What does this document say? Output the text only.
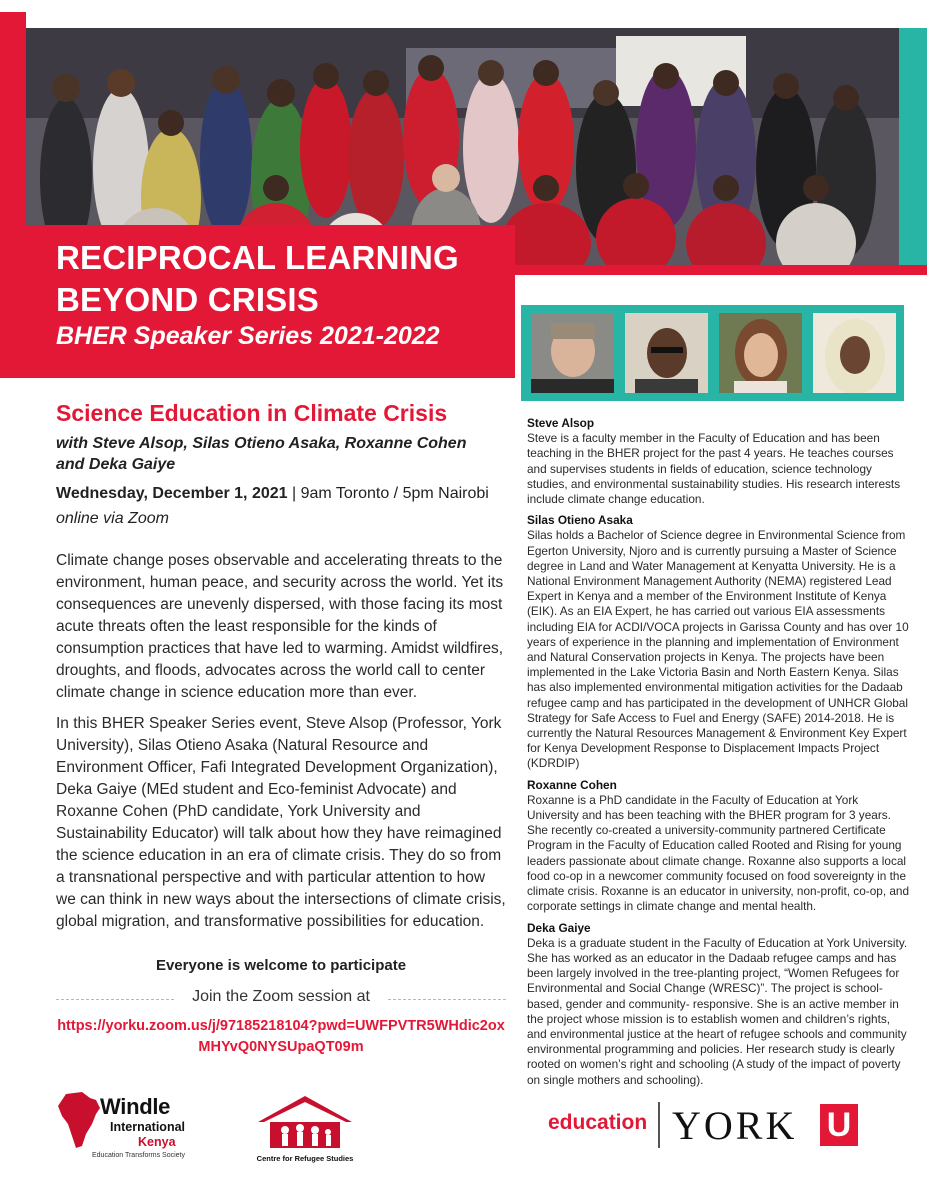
RECIPROCAL LEARNING
BEYOND CRISIS
BHER Speaker Series 2021-2022
Science Education in Climate Crisis
with Steve Alsop, Silas Otieno Asaka, Roxanne Cohen and Deka Gaiye
Wednesday, December 1, 2021 | 9am Toronto / 5pm Nairobi
online via Zoom
Climate change poses observable and accelerating threats to the environment, human peace, and security across the world. Yet its consequences are unevenly dispersed, with those facing its most acute threats often the least responsible for the kinds of consumption practices that have led to warming. Amidst wildfires, droughts, and floods, advocates across the world call to center climate change in science education more than ever.
In this BHER Speaker Series event, Steve Alsop (Professor, York University), Silas Otieno Asaka (Natural Resource and Environment Officer, Fafi Integrated Development Organization), Deka Gaiye (MEd student and Eco-feminist Advocate) and Roxanne Cohen (PhD candidate, York University and Sustainability Educator) will talk about how they have reimagined the science education in an era of climate crisis. They do so from a transnational perspective and with particular attention to how we can think in new ways about the intersections of climate crisis, global migration, and transformative possibilities for education.
Everyone is welcome to participate
Join the Zoom session at
https://yorku.zoom.us/j/97185218104?pwd=UWFPVTR5WHdic2oxMHYvQ0NYSUpaQT09m
Steve Alsop
Steve is a faculty member in the Faculty of Education and has been teaching in the BHER project for the past 4 years. He teaches courses and supervises students in fields of education, science technology studies, and environmental sustainability studies. His research interests include climate change education.
Silas Otieno Asaka
Silas holds a Bachelor of Science degree in Environmental Science from Egerton University, Njoro and is currently pursuing a Master of Science degree in Land and Water Management at Kenyatta University. He is a National Environment Management Authority (NEMA) registered Lead Expert in Kenya and a member of the Environment Institute of Kenya (EIK). As an EIA Expert, he has carried out various EIA assessments including EIA for ACDI/VOCA projects in Garissa County and has over 10 years of experience in the planning and implementation of Environment and Natural Conservation projects in Kenya. The projects have been implemented in the Lake Victoria Basin and North Eastern Kenya. Silas has also implemented environmental mitigation activities for the Dadaab refugee camp and has participated in the development of UNHCR Global Strategy for Safe Access to Fuel and Energy (SAFE) 2014-2018. He is currently the Natural Resources Management & Environment Key Expert for Kenya Development Response to Displacement Impacts Project (KDRDIP)
Roxanne Cohen
Roxanne is a PhD candidate in the Faculty of Education at York University and has been teaching with the BHER program for 3 years. She recently co-created a university-community partnered Certificate Program in the Faculty of Education called Rooted and Rising for young leaders passionate about climate change. Roxanne also supports a local food co-op in a newcomer community focused on food sovereignty in the climate crisis. Roxanne is an educator in university, non-profit, co-op, and corporate settings in climate change and mental health.
Deka Gaiye
Deka is a graduate student in the Faculty of Education at York University. She has worked as an educator in the Dadaab refugee camps and has been largely involved in the tree-planting project, “Women Refugees for Environmental and Social Change (WRESC)”. The project is school-based, gender and community- responsive. She is an active member in the project whose mission is to establish women and children’s rights, and environmental justice at the heart of refugee schools and community environmental programming and policies. Her research study is clearly rooted on women’s right and schooling (A study of the impact of poverty on single mothers and schooling).
Windle
International
Kenya
Education Transforms Society	Centre for Refugee Studies
education YORK U
